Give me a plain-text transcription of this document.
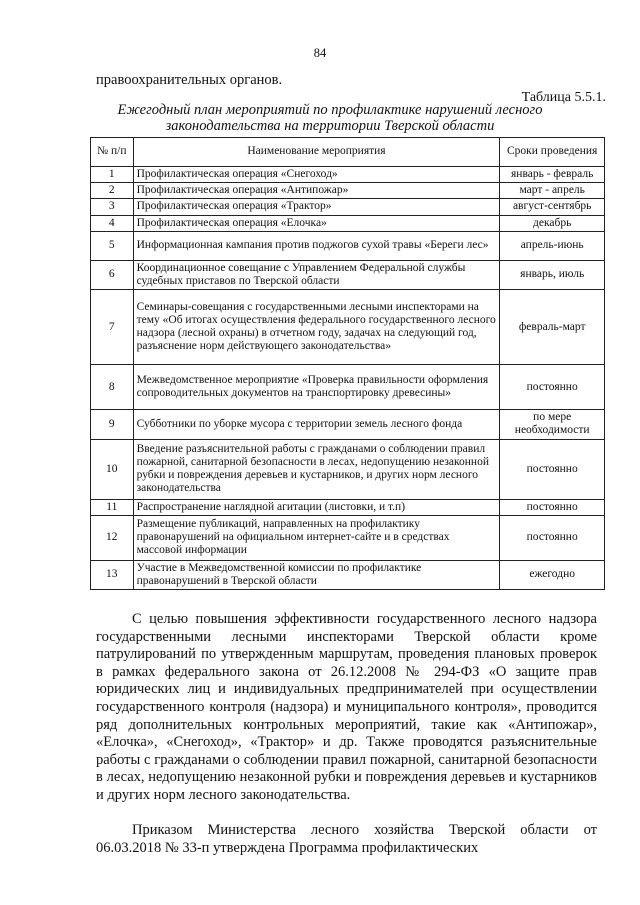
84
правоохранительных органов.
Таблица 5.5.1.
Ежегодный план мероприятий по профилактике нарушений лесного законодательства на территории Тверской области
№ п/п	Наименование мероприятия	Сроки проведения
1	Профилактическая операция «Снегоход»	январь - февраль
2	Профилактическая операция «Антипожар»	март - апрель
3	Профилактическая операция «Трактор»	август-сентябрь
4	Профилактическая операция «Елочка»	декабрь
5	Информационная кампания против поджогов сухой травы «Береги лес»	апрель-июнь
6	Координационное совещание с Управлением Федеральной службы судебных приставов по Тверской области	январь, июль
7	Семинары-совещания с государственными лесными инспекторами на тему «Об итогах осуществления федерального государственного лесного надзора (лесной охраны) в отчетном году, задачах на следующий год, разъяснение норм действующего законодательства»	февраль-март
8	Межведомственное мероприятие «Проверка правильности оформления сопроводительных документов на транспортировку древесины»	постоянно
9	Субботники по уборке мусора с территории земель лесного фонда	по мере необходимости
10	Введение разъяснительной работы с гражданами о соблюдении правил пожарной, санитарной безопасности в лесах, недопущению незаконной рубки и повреждения деревьев и кустарников, и других норм лесного законодательства	постоянно
11	Распространение наглядной агитации (листовки, и т.п)	постоянно
12	Размещение публикаций, направленных на профилактику правонарушений на официальном интернет-сайте и в средствах массовой информации	постоянно
13	Участие в Межведомственной комиссии по профилактике правонарушений в Тверской области	ежегодно
С целью повышения эффективности государственного лесного надзора государственными лесными инспекторами Тверской области кроме патрулирований по утвержденным маршрутам, проведения плановых проверок в рамках федерального закона от 26.12.2008 № 294-ФЗ «О защите прав юридических лиц и индивидуальных предпринимателей при осуществлении государственного контроля (надзора) и муниципального контроля», проводится ряд дополнительных контрольных мероприятий, такие как «Антипожар», «Елочка», «Снегоход», «Трактор» и др. Также проводятся разъяснительные работы с гражданами о соблюдении правил пожарной, санитарной безопасности в лесах, недопущению незаконной рубки и повреждения деревьев и кустарников и других норм лесного законодательства.
Приказом Министерства лесного хозяйства Тверской области от 06.03.2018 № 33-п утверждена Программа профилактических
